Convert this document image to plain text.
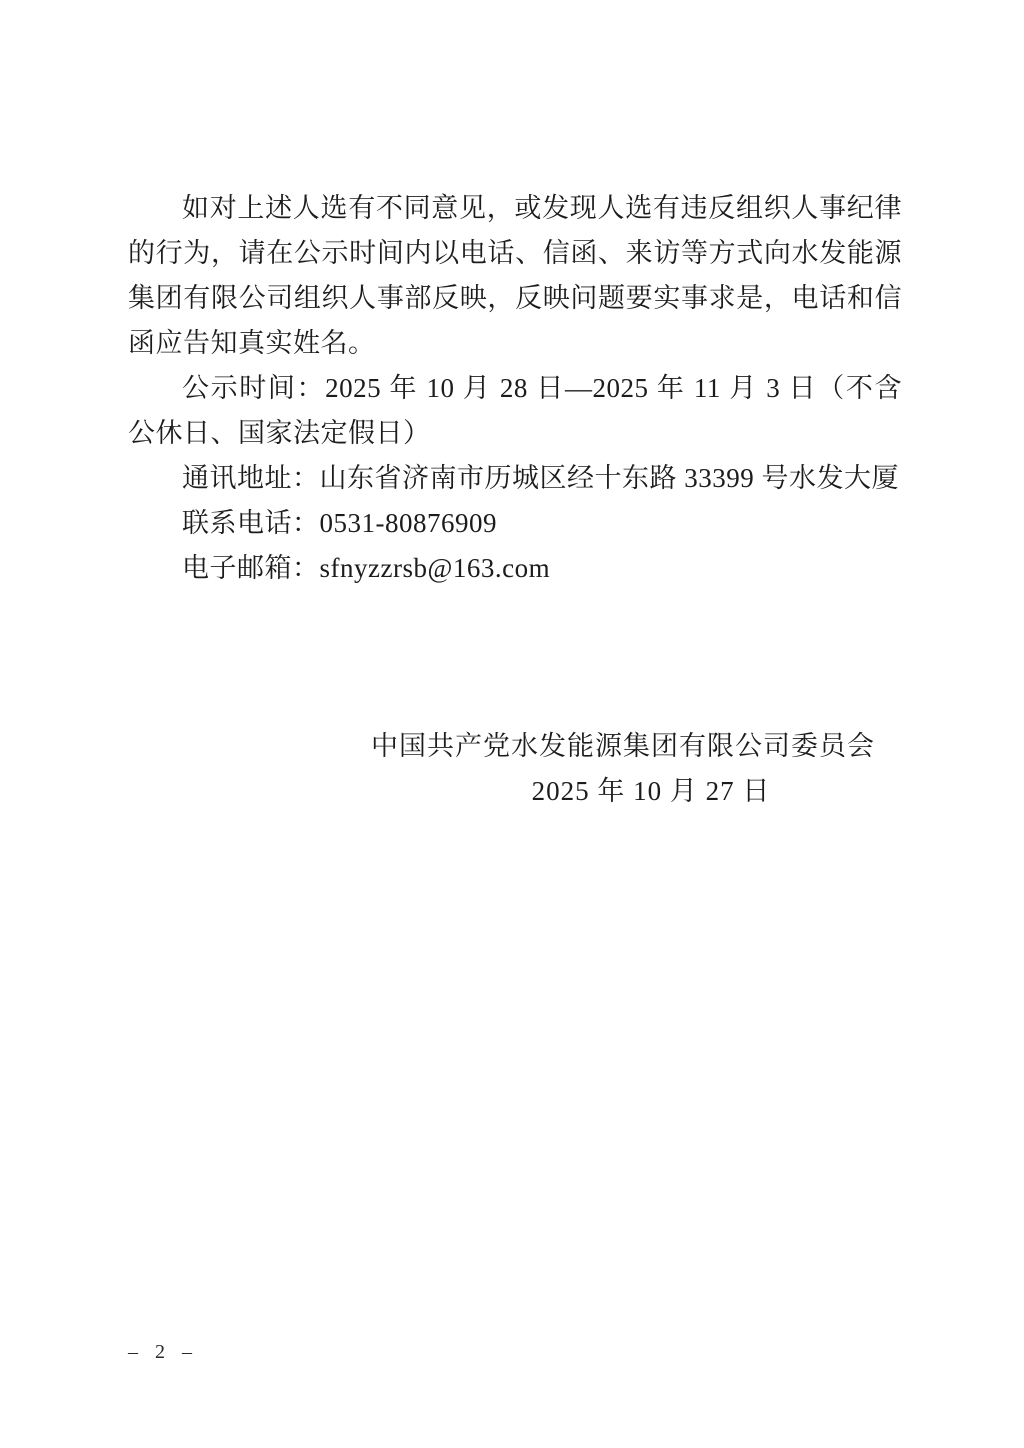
如对上述人选有不同意见，或发现人选有违反组织人事纪律的行为，请在公示时间内以电话、信函、来访等方式向水发能源集团有限公司组织人事部反映，反映问题要实事求是，电话和信函应告知真实姓名。

公示时间：2025 年 10 月 28 日—2025 年 11 月 3 日（不含公休日、国家法定假日）

通讯地址：山东省济南市历城区经十东路 33399 号水发大厦

联系电话：0531-80876909

电子邮箱：sfnyzzrsb@163.com

中国共产党水发能源集团有限公司委员会

2025 年 10 月 27 日

– 2 –
